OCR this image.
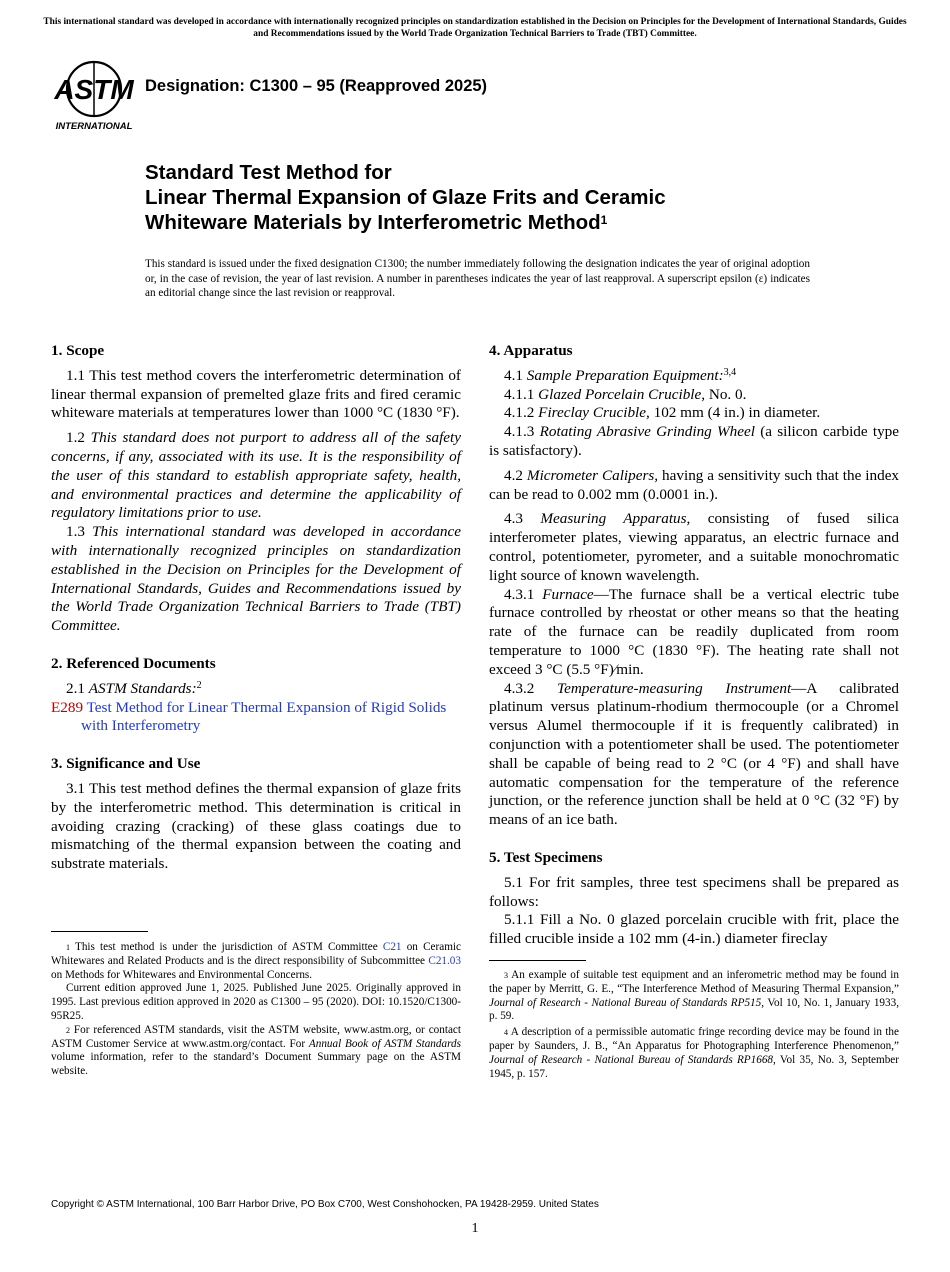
This international standard was developed in accordance with internationally recognized principles on standardization established in the Decision on Principles for the Development of International Standards, Guides and Recommendations issued by the World Trade Organization Technical Barriers to Trade (TBT) Committee.
ASTM
INTERNATIONAL
Designation: C1300 – 95 (Reapproved 2025)
Standard Test Method for
Linear Thermal Expansion of Glaze Frits and Ceramic
Whiteware Materials by Interferometric Method$^1$
This standard is issued under the fixed designation C1300; the number immediately following the designation indicates the year of original adoption or, in the case of revision, the year of last revision. A number in parentheses indicates the year of last reapproval. A superscript epsilon (ε) indicates an editorial change since the last revision or reapproval.
1. Scope

1.1 This test method covers the interferometric determination of linear thermal expansion of premelted glaze frits and fired ceramic whiteware materials at temperatures lower than 1000 °C (1830 °F).

1.2 This standard does not purport to address all of the safety concerns, if any, associated with its use. It is the responsibility of the user of this standard to establish appropriate safety, health, and environmental practices and determine the applicability of regulatory limitations prior to use.

1.3 This international standard was developed in accordance with internationally recognized principles on standardization established in the Decision on Principles for the Development of International Standards, Guides and Recommendations issued by the World Trade Organization Technical Barriers to Trade (TBT) Committee.

2. Referenced Documents

2.1 ASTM Standards:$^2$

E289 Test Method for Linear Thermal Expansion of Rigid Solids with Interferometry
3. Significance and Use

3.1 This test method defines the thermal expansion of glaze frits by the interferometric method. This determination is critical in avoiding crazing (cracking) of these glass coatings due to mismatching of the thermal expansion between the coating and substrate materials.

4. Apparatus

4.1 Sample Preparation Equipment:$^{3,4}$

4.1.1 Glazed Porcelain Crucible, No. 0.

4.1.2 Fireclay Crucible, 102 mm (4 in.) in diameter.

4.1.3 Rotating Abrasive Grinding Wheel (a silicon carbide type is satisfactory).

4.2 Micrometer Calipers, having a sensitivity such that the index can be read to 0.002 mm (0.0001 in.).

4.3 Measuring Apparatus, consisting of fused silica interferometer plates, viewing apparatus, an electric furnace and control, potentiometer, pyrometer, and a suitable monochromatic light source of known wavelength.

4.3.1 Furnace—The furnace shall be a vertical electric tube furnace controlled by rheostat or other means so that the heating rate of the furnace can be readily duplicated from room temperature to 1000 °C (1830 °F). The heating rate shall not exceed 3 °C (5.5 °F)⁄min.

4.3.2 Temperature-measuring Instrument—A calibrated platinum versus platinum-rhodium thermocouple (or a Chromel versus Alumel thermocouple if it is frequently calibrated) in conjunction with a potentiometer shall be used. The potentiometer shall be capable of being read to 2 °C (or 4 °F) and shall have automatic compensation for the temperature of the reference junction, or the reference junction shall be held at 0 °C (32 °F) by means of an ice bath.

5. Test Specimens

5.1 For frit samples, three test specimens shall be prepared as follows:

5.1.1 Fill a No. 0 glazed porcelain crucible with frit, place the filled crucible inside a 102 mm (4-in.) diameter fireclay

$^1$ This test method is under the jurisdiction of ASTM Committee C21 on Ceramic Whitewares and Related Products and is the direct responsibility of Subcommittee C21.03 on Methods for Whitewares and Environmental Concerns.

Current edition approved June 1, 2025. Published June 2025. Originally approved in 1995. Last previous edition approved in 2020 as C1300 – 95 (2020). DOI: 10.1520/C1300-95R25.

$^2$ For referenced ASTM standards, visit the ASTM website, www.astm.org, or contact ASTM Customer Service at www.astm.org/contact. For Annual Book of ASTM Standards volume information, refer to the standard’s Document Summary page on the ASTM website.

$^3$ An example of suitable test equipment and an inferometric method may be found in the paper by Merritt, G. E., “The Interference Method of Measuring Thermal Expansion,” Journal of Research - National Bureau of Standards RP515, Vol 10, No. 1, January 1933, p. 59.

$^4$ A description of a permissible automatic fringe recording device may be found in the paper by Saunders, J. B., “An Apparatus for Photographing Interference Phenomenon,” Journal of Research - National Bureau of Standards RP1668, Vol 35, No. 3, September 1945, p. 157.

Copyright © ASTM International, 100 Barr Harbor Drive, PO Box C700, West Conshohocken, PA 19428-2959. United States
1
